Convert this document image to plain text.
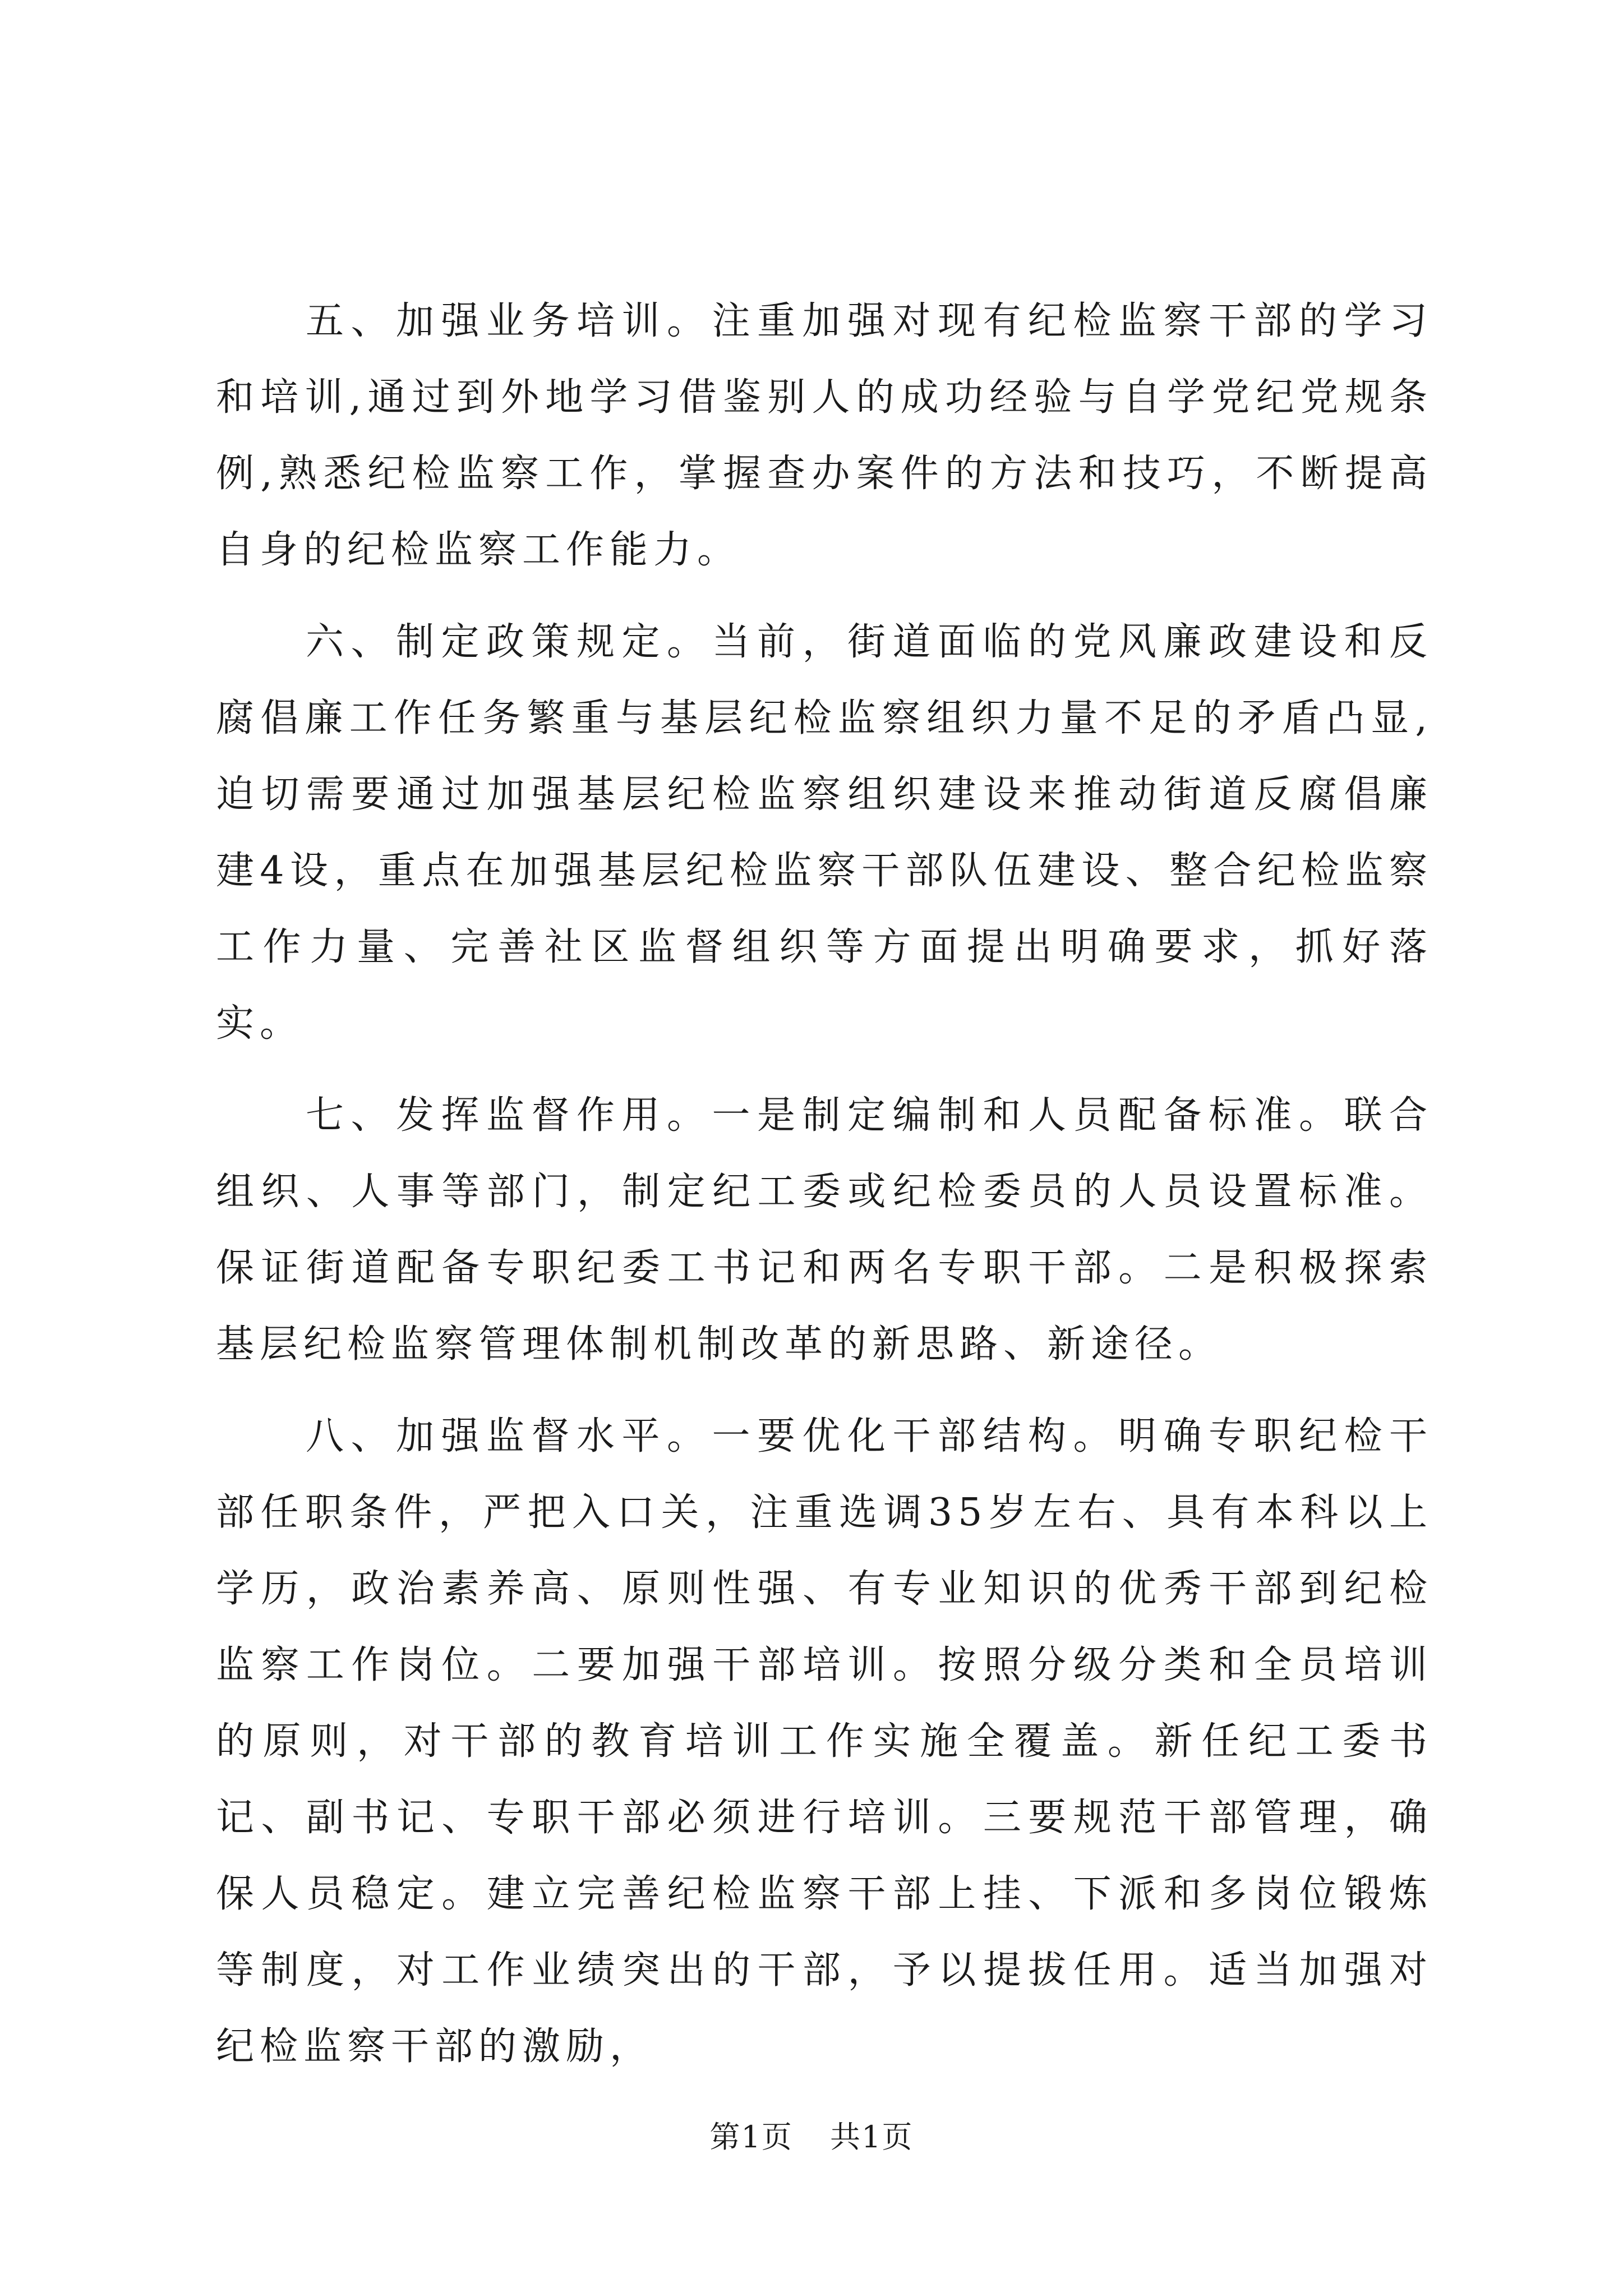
五、加强业务培训。注重加强对现有纪检监察干部的学习和培训,通过到外地学习借鉴别人的成功经验与自学党纪党规条例,熟悉纪检监察工作，掌握查办案件的方法和技巧，不断提高自身的纪检监察工作能力。

六、制定政策规定。当前，街道面临的党风廉政建设和反腐倡廉工作任务繁重与基层纪检监察组织力量不足的矛盾凸显,迫切需要通过加强基层纪检监察组织建设来推动街道反腐倡廉建4设，重点在加强基层纪检监察干部队伍建设、整合纪检监察工作力量、完善社区监督组织等方面提出明确要求，抓好落实。

七、发挥监督作用。一是制定编制和人员配备标准。联合组织、人事等部门，制定纪工委或纪检委员的人员设置标准。保证街道配备专职纪委工书记和两名专职干部。二是积极探索基层纪检监察管理体制机制改革的新思路、新途径。

八、加强监督水平。一要优化干部结构。明确专职纪检干部任职条件，严把入口关，注重选调35岁左右、具有本科以上学历，政治素养高、原则性强、有专业知识的优秀干部到纪检监察工作岗位。二要加强干部培训。按照分级分类和全员培训的原则，对干部的教育培训工作实施全覆盖。新任纪工委书记、副书记、专职干部必须进行培训。三要规范干部管理，确保人员稳定。建立完善纪检监察干部上挂、下派和多岗位锻炼等制度，对工作业绩突出的干部，予以提拔任用。适当加强对纪检监察干部的激励，

第1页 共1页
